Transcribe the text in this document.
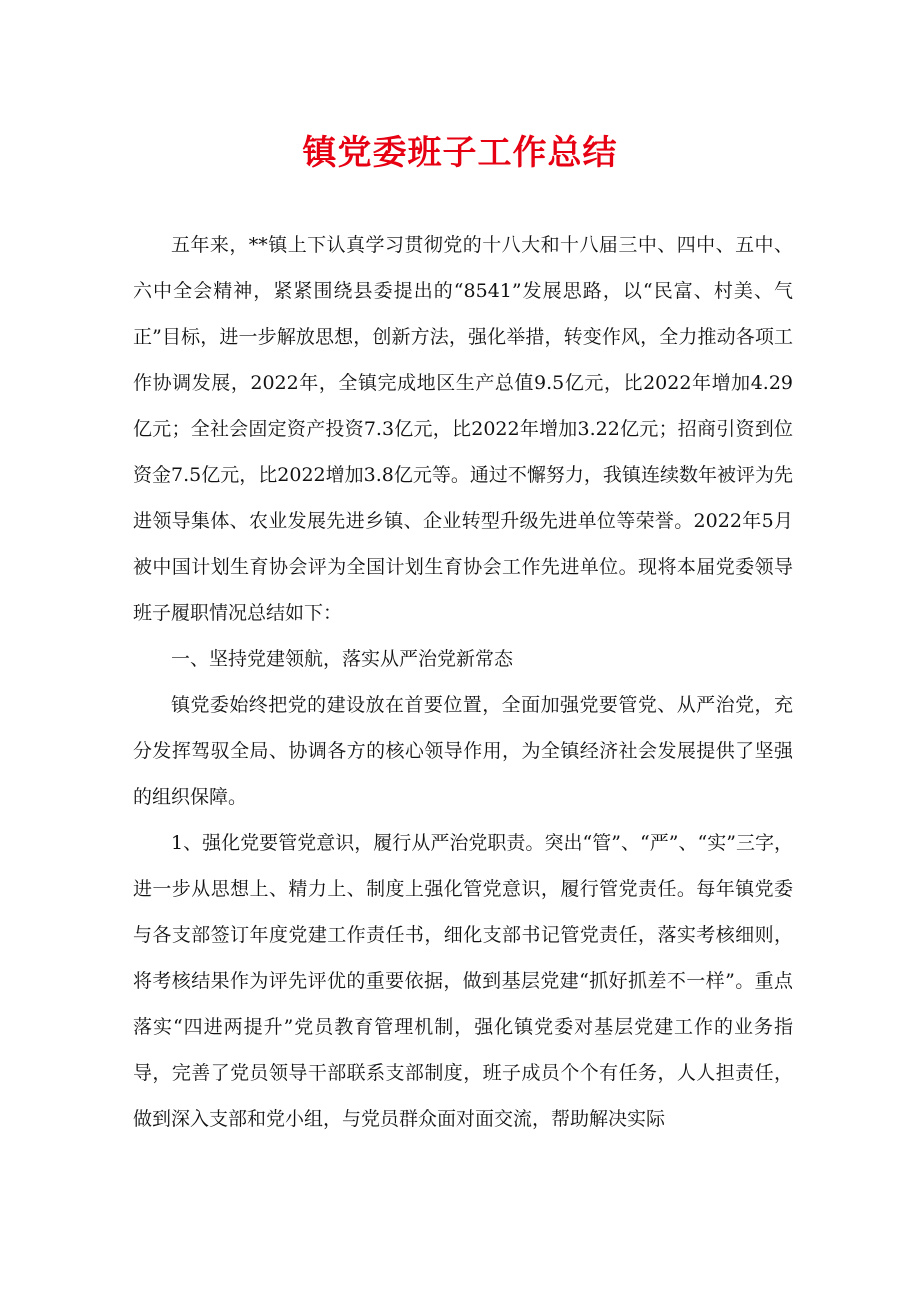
镇党委班子工作总结

五年来，**镇上下认真学习贯彻党的十八大和十八届三中、四中、五中、六中全会精神，紧紧围绕县委提出的“8541”发展思路，以“民富、村美、气正”目标，进一步解放思想，创新方法，强化举措，转变作风，全力推动各项工作协调发展，2022年，全镇完成地区生产总值9.5亿元，比2022年增加4.29亿元；全社会固定资产投资7.3亿元，比2022年增加3.22亿元；招商引资到位资金7.5亿元，比2022增加3.8亿元等。通过不懈努力，我镇连续数年被评为先进领导集体、农业发展先进乡镇、企业转型升级先进单位等荣誉。2022年5月被中国计划生育协会评为全国计划生育协会工作先进单位。现将本届党委领导班子履职情况总结如下：

一、坚持党建领航，落实从严治党新常态

镇党委始终把党的建设放在首要位置，全面加强党要管党、从严治党，充分发挥驾驭全局、协调各方的核心领导作用，为全镇经济社会发展提供了坚强的组织保障。

1、强化党要管党意识，履行从严治党职责。突出“管”、“严”、“实”三字，进一步从思想上、精力上、制度上强化管党意识，履行管党责任。每年镇党委与各支部签订年度党建工作责任书，细化支部书记管党责任，落实考核细则，将考核结果作为评先评优的重要依据，做到基层党建“抓好抓差不一样”。重点落实“四进两提升”党员教育管理机制，强化镇党委对基层党建工作的业务指导，完善了党员领导干部联系支部制度，班子成员个个有任务，人人担责任，做到深入支部和党小组，与党员群众面对面交流，帮助解决实际
